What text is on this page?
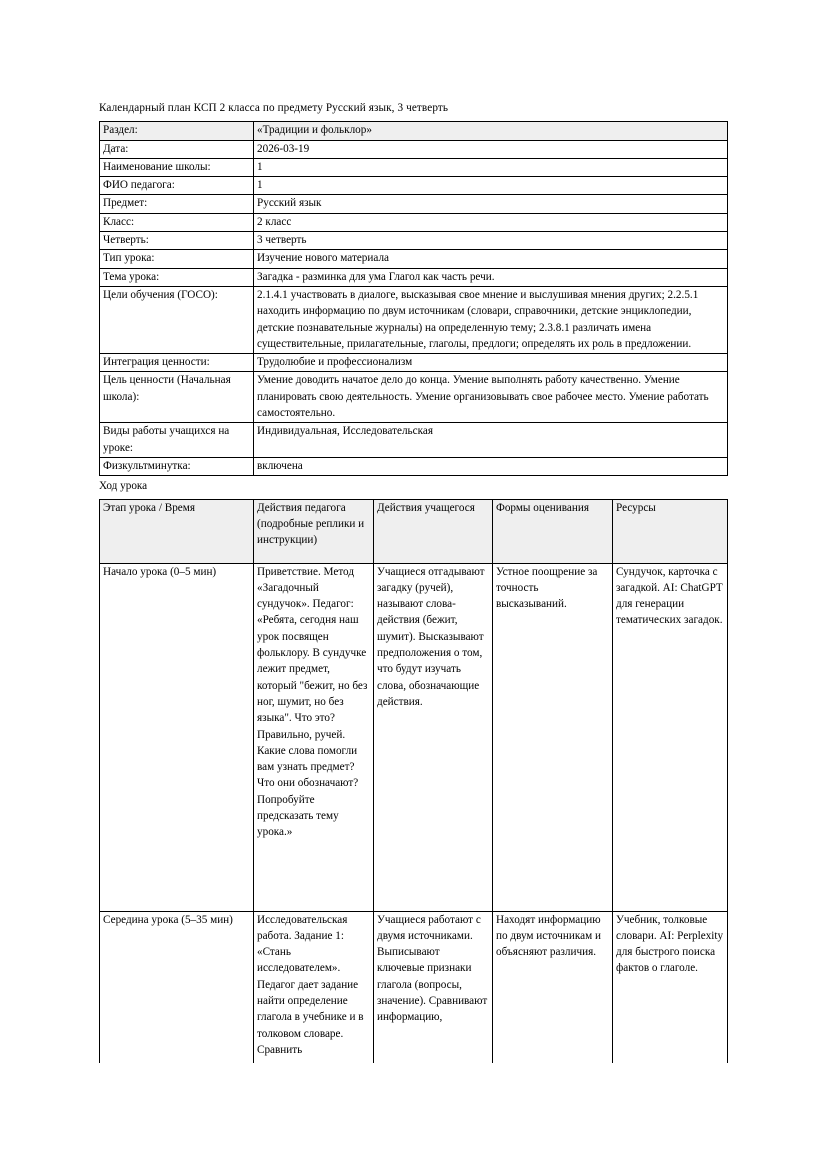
Календарный план КСП 2 класса по предмету Русский язык, 3 четверть
Раздел:	«Традиции и фольклор»
Дата:	2026-03-19
Наименование школы:	1
ФИО педагога:	1
Предмет:	Русский язык
Класс:	2 класс
Четверть:	3 четверть
Тип урока:	Изучение нового материала
Тема урока:	Загадка - разминка для ума Глагол как часть речи.
Цели обучения (ГОСО):	2.1.4.1 участвовать в диалоге, высказывая свое мнение и выслушивая мнения других; 2.2.5.1 находить информацию по двум источникам (словари, справочники, детские энциклопедии, детские познавательные журналы) на определенную тему; 2.3.8.1 различать имена существительные, прилагательные, глаголы, предлоги; определять их роль в предложении.
Интеграция ценности:	Трудолюбие и профессионализм
Цель ценности (Начальная школа):	Умение доводить начатое дело до конца. Умение выполнять работу качественно. Умение планировать свою деятельность. Умение организовывать свое рабочее место. Умение работать самостоятельно.
Виды работы учащихся на уроке:	Индивидуальная, Исследовательская
Физкультминутка:	включена
Ход урока
Этап урока / Время	Действия педагога (подробные реплики и инструкции)	Действия учащегося	Формы оценивания	Ресурсы
Начало урока (0–5 мин)	Приветствие. Метод «Загадочный сундучок». Педагог: «Ребята, сегодня наш урок посвящен фольклору. В сундучке лежит предмет, который "бежит, но без ног, шумит, но без языка". Что это? Правильно, ручей. Какие слова помогли вам узнать предмет? Что они обозначают? Попробуйте предсказать тему урока.»	Учащиеся отгадывают загадку (ручей), называют слова-действия (бежит, шумит). Высказывают предположения о том, что будут изучать слова, обозначающие действия.	Устное поощрение за точность высказываний.	Сундучок, карточка с загадкой. AI: ChatGPT для генерации тематических загадок.
Середина урока (5–35 мин)	Исследовательская работа. Задание 1: «Стань исследователем». Педагог дает задание найти определение глагола в учебнике и в толковом словаре. Сравнить	Учащиеся работают с двумя источниками. Выписывают ключевые признаки глагола (вопросы, значение). Сравнивают информацию,	Находят информацию по двум источникам и объясняют различия.	Учебник, толковые словари. AI: Perplexity для быстрого поиска фактов о глаголе.
